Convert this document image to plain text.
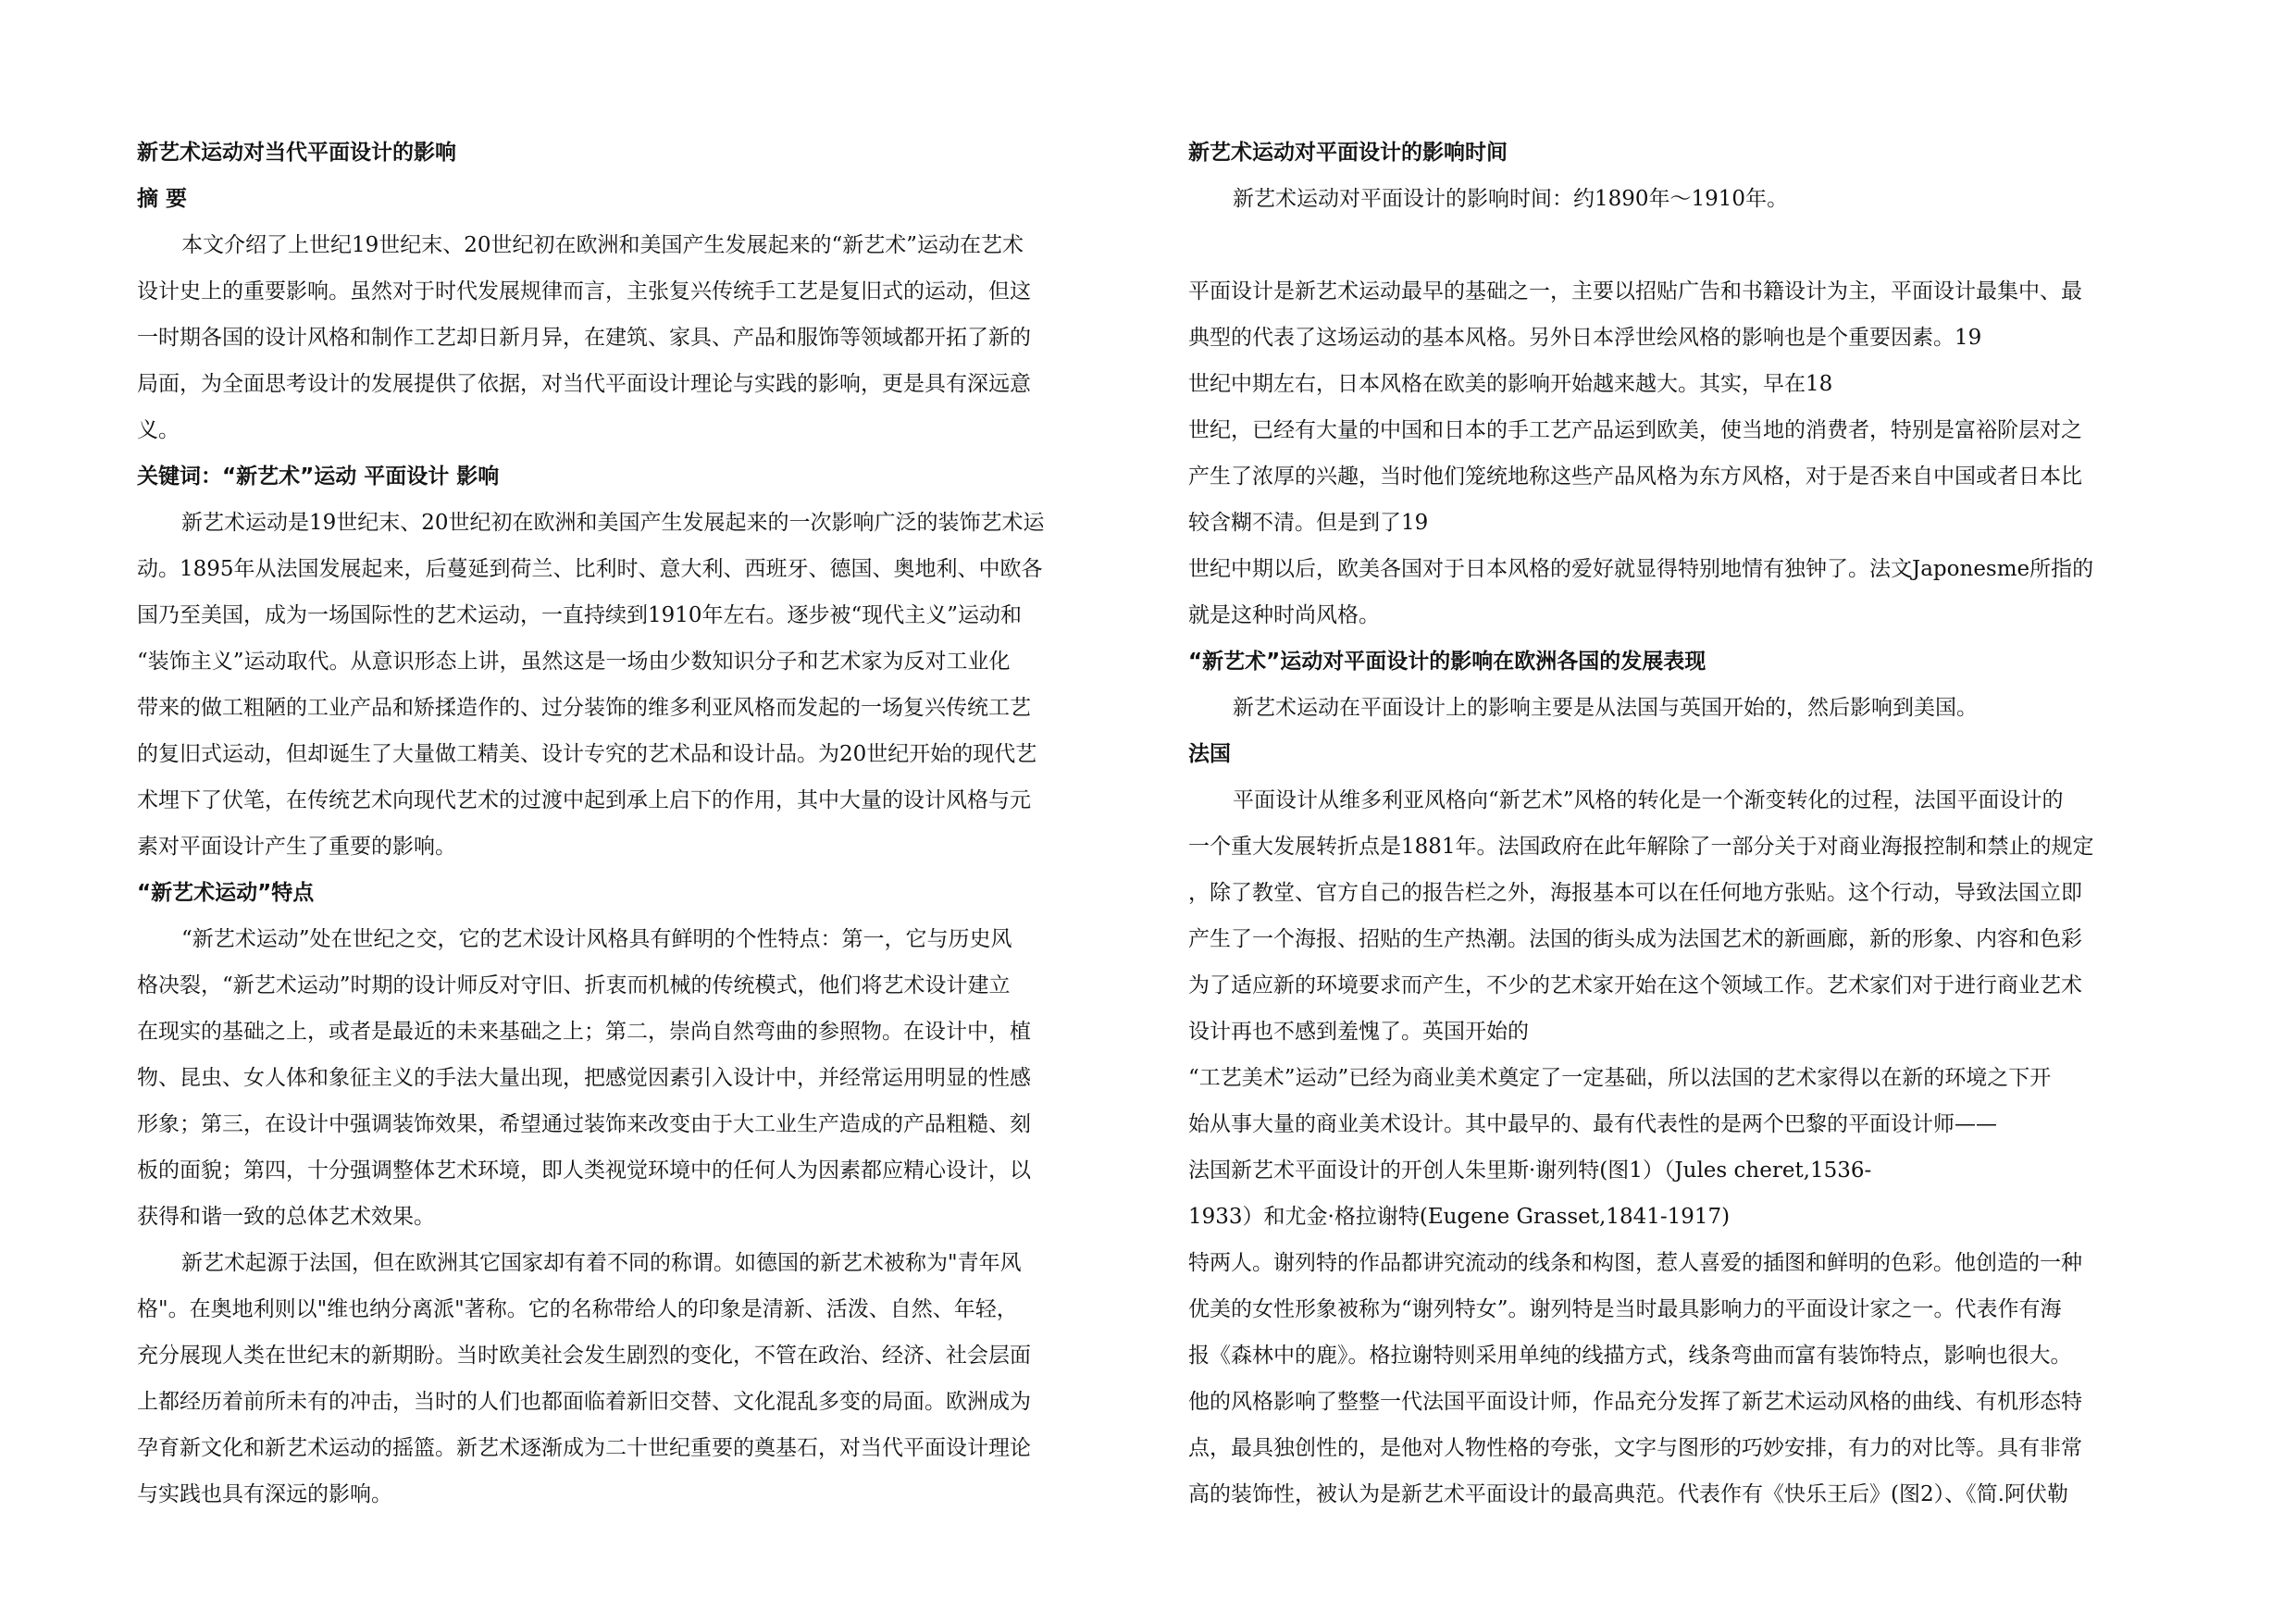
新艺术运动对当代平面设计的影响
摘 要
本文介绍了上世纪19世纪末、20世纪初在欧洲和美国产生发展起来的“新艺术”运动在艺术
设计史上的重要影响。虽然对于时代发展规律而言，主张复兴传统手工艺是复旧式的运动，但这
一时期各国的设计风格和制作工艺却日新月异，在建筑、家具、产品和服饰等领域都开拓了新的
局面，为全面思考设计的发展提供了依据，对当代平面设计理论与实践的影响，更是具有深远意
义。
关键词：“新艺术”运动 平面设计 影响
新艺术运动是19世纪末、20世纪初在欧洲和美国产生发展起来的一次影响广泛的装饰艺术运
动。1895年从法国发展起来，后蔓延到荷兰、比利时、意大利、西班牙、德国、奥地利、中欧各
国乃至美国，成为一场国际性的艺术运动，一直持续到1910年左右。逐步被“现代主义”运动和
“装饰主义”运动取代。从意识形态上讲，虽然这是一场由少数知识分子和艺术家为反对工业化
带来的做工粗陋的工业产品和矫揉造作的、过分装饰的维多利亚风格而发起的一场复兴传统工艺
的复旧式运动，但却诞生了大量做工精美、设计专究的艺术品和设计品。为20世纪开始的现代艺
术埋下了伏笔，在传统艺术向现代艺术的过渡中起到承上启下的作用，其中大量的设计风格与元
素对平面设计产生了重要的影响。
“新艺术运动”特点
“新艺术运动”处在世纪之交，它的艺术设计风格具有鲜明的个性特点：第一，它与历史风
格决裂，“新艺术运动”时期的设计师反对守旧、折衷而机械的传统模式，他们将艺术设计建立
在现实的基础之上，或者是最近的未来基础之上；第二，崇尚自然弯曲的参照物。在设计中，植
物、昆虫、女人体和象征主义的手法大量出现，把感觉因素引入设计中，并经常运用明显的性感
形象；第三，在设计中强调装饰效果，希望通过装饰来改变由于大工业生产造成的产品粗糙、刻
板的面貌；第四，十分强调整体艺术环境，即人类视觉环境中的任何人为因素都应精心设计，以
获得和谐一致的总体艺术效果。
新艺术起源于法国，但在欧洲其它国家却有着不同的称谓。如德国的新艺术被称为"青年风
格"。在奥地利则以"维也纳分离派"著称。它的名称带给人的印象是清新、活泼、自然、年轻，
充分展现人类在世纪末的新期盼。当时欧美社会发生剧烈的变化，不管在政治、经济、社会层面
上都经历着前所未有的冲击，当时的人们也都面临着新旧交替、文化混乱多变的局面。欧洲成为
孕育新文化和新艺术运动的摇篮。新艺术逐渐成为二十世纪重要的奠基石，对当代平面设计理论
与实践也具有深远的影响。
新艺术运动对平面设计的影响时间
新艺术运动对平面设计的影响时间：约1890年～1910年。
平面设计是新艺术运动最早的基础之一，主要以招贴广告和书籍设计为主，平面设计最集中、最
典型的代表了这场运动的基本风格。另外日本浮世绘风格的影响也是个重要因素。19
世纪中期左右，日本风格在欧美的影响开始越来越大。其实，早在18
世纪，已经有大量的中国和日本的手工艺产品运到欧美，使当地的消费者，特别是富裕阶层对之
产生了浓厚的兴趣，当时他们笼统地称这些产品风格为东方风格，对于是否来自中国或者日本比
较含糊不清。但是到了19
世纪中期以后，欧美各国对于日本风格的爱好就显得特别地情有独钟了。法文Japonesme所指的
就是这种时尚风格。
“新艺术”运动对平面设计的影响在欧洲各国的发展表现
新艺术运动在平面设计上的影响主要是从法国与英国开始的，然后影响到美国。
法国
平面设计从维多利亚风格向“新艺术”风格的转化是一个渐变转化的过程，法国平面设计的
一个重大发展转折点是1881年。法国政府在此年解除了一部分关于对商业海报控制和禁止的规定
，除了教堂、官方自己的报告栏之外，海报基本可以在任何地方张贴。这个行动，导致法国立即
产生了一个海报、招贴的生产热潮。法国的街头成为法国艺术的新画廊，新的形象、内容和色彩
为了适应新的环境要求而产生，不少的艺术家开始在这个领域工作。艺术家们对于进行商业艺术
设计再也不感到羞愧了。英国开始的
“工艺美术”运动”已经为商业美术奠定了一定基础，所以法国的艺术家得以在新的环境之下开
始从事大量的商业美术设计。其中最早的、最有代表性的是两个巴黎的平面设计师——
法国新艺术平面设计的开创人朱里斯·谢列特(图1）（Jules cheret,1536-
1933）和尤金·格拉谢特(Eugene Grasset,1841-1917)
特两人。谢列特的作品都讲究流动的线条和构图，惹人喜爱的插图和鲜明的色彩。他创造的一种
优美的女性形象被称为“谢列特女”。谢列特是当时最具影响力的平面设计家之一。代表作有海
报《森林中的鹿》。格拉谢特则采用单纯的线描方式，线条弯曲而富有装饰特点，影响也很大。
他的风格影响了整整一代法国平面设计师，作品充分发挥了新艺术运动风格的曲线、有机形态特
点，最具独创性的，是他对人物性格的夸张，文字与图形的巧妙安排，有力的对比等。具有非常
高的装饰性，被认为是新艺术平面设计的最高典范。代表作有《快乐王后》(图2）、《简.阿伏勒
